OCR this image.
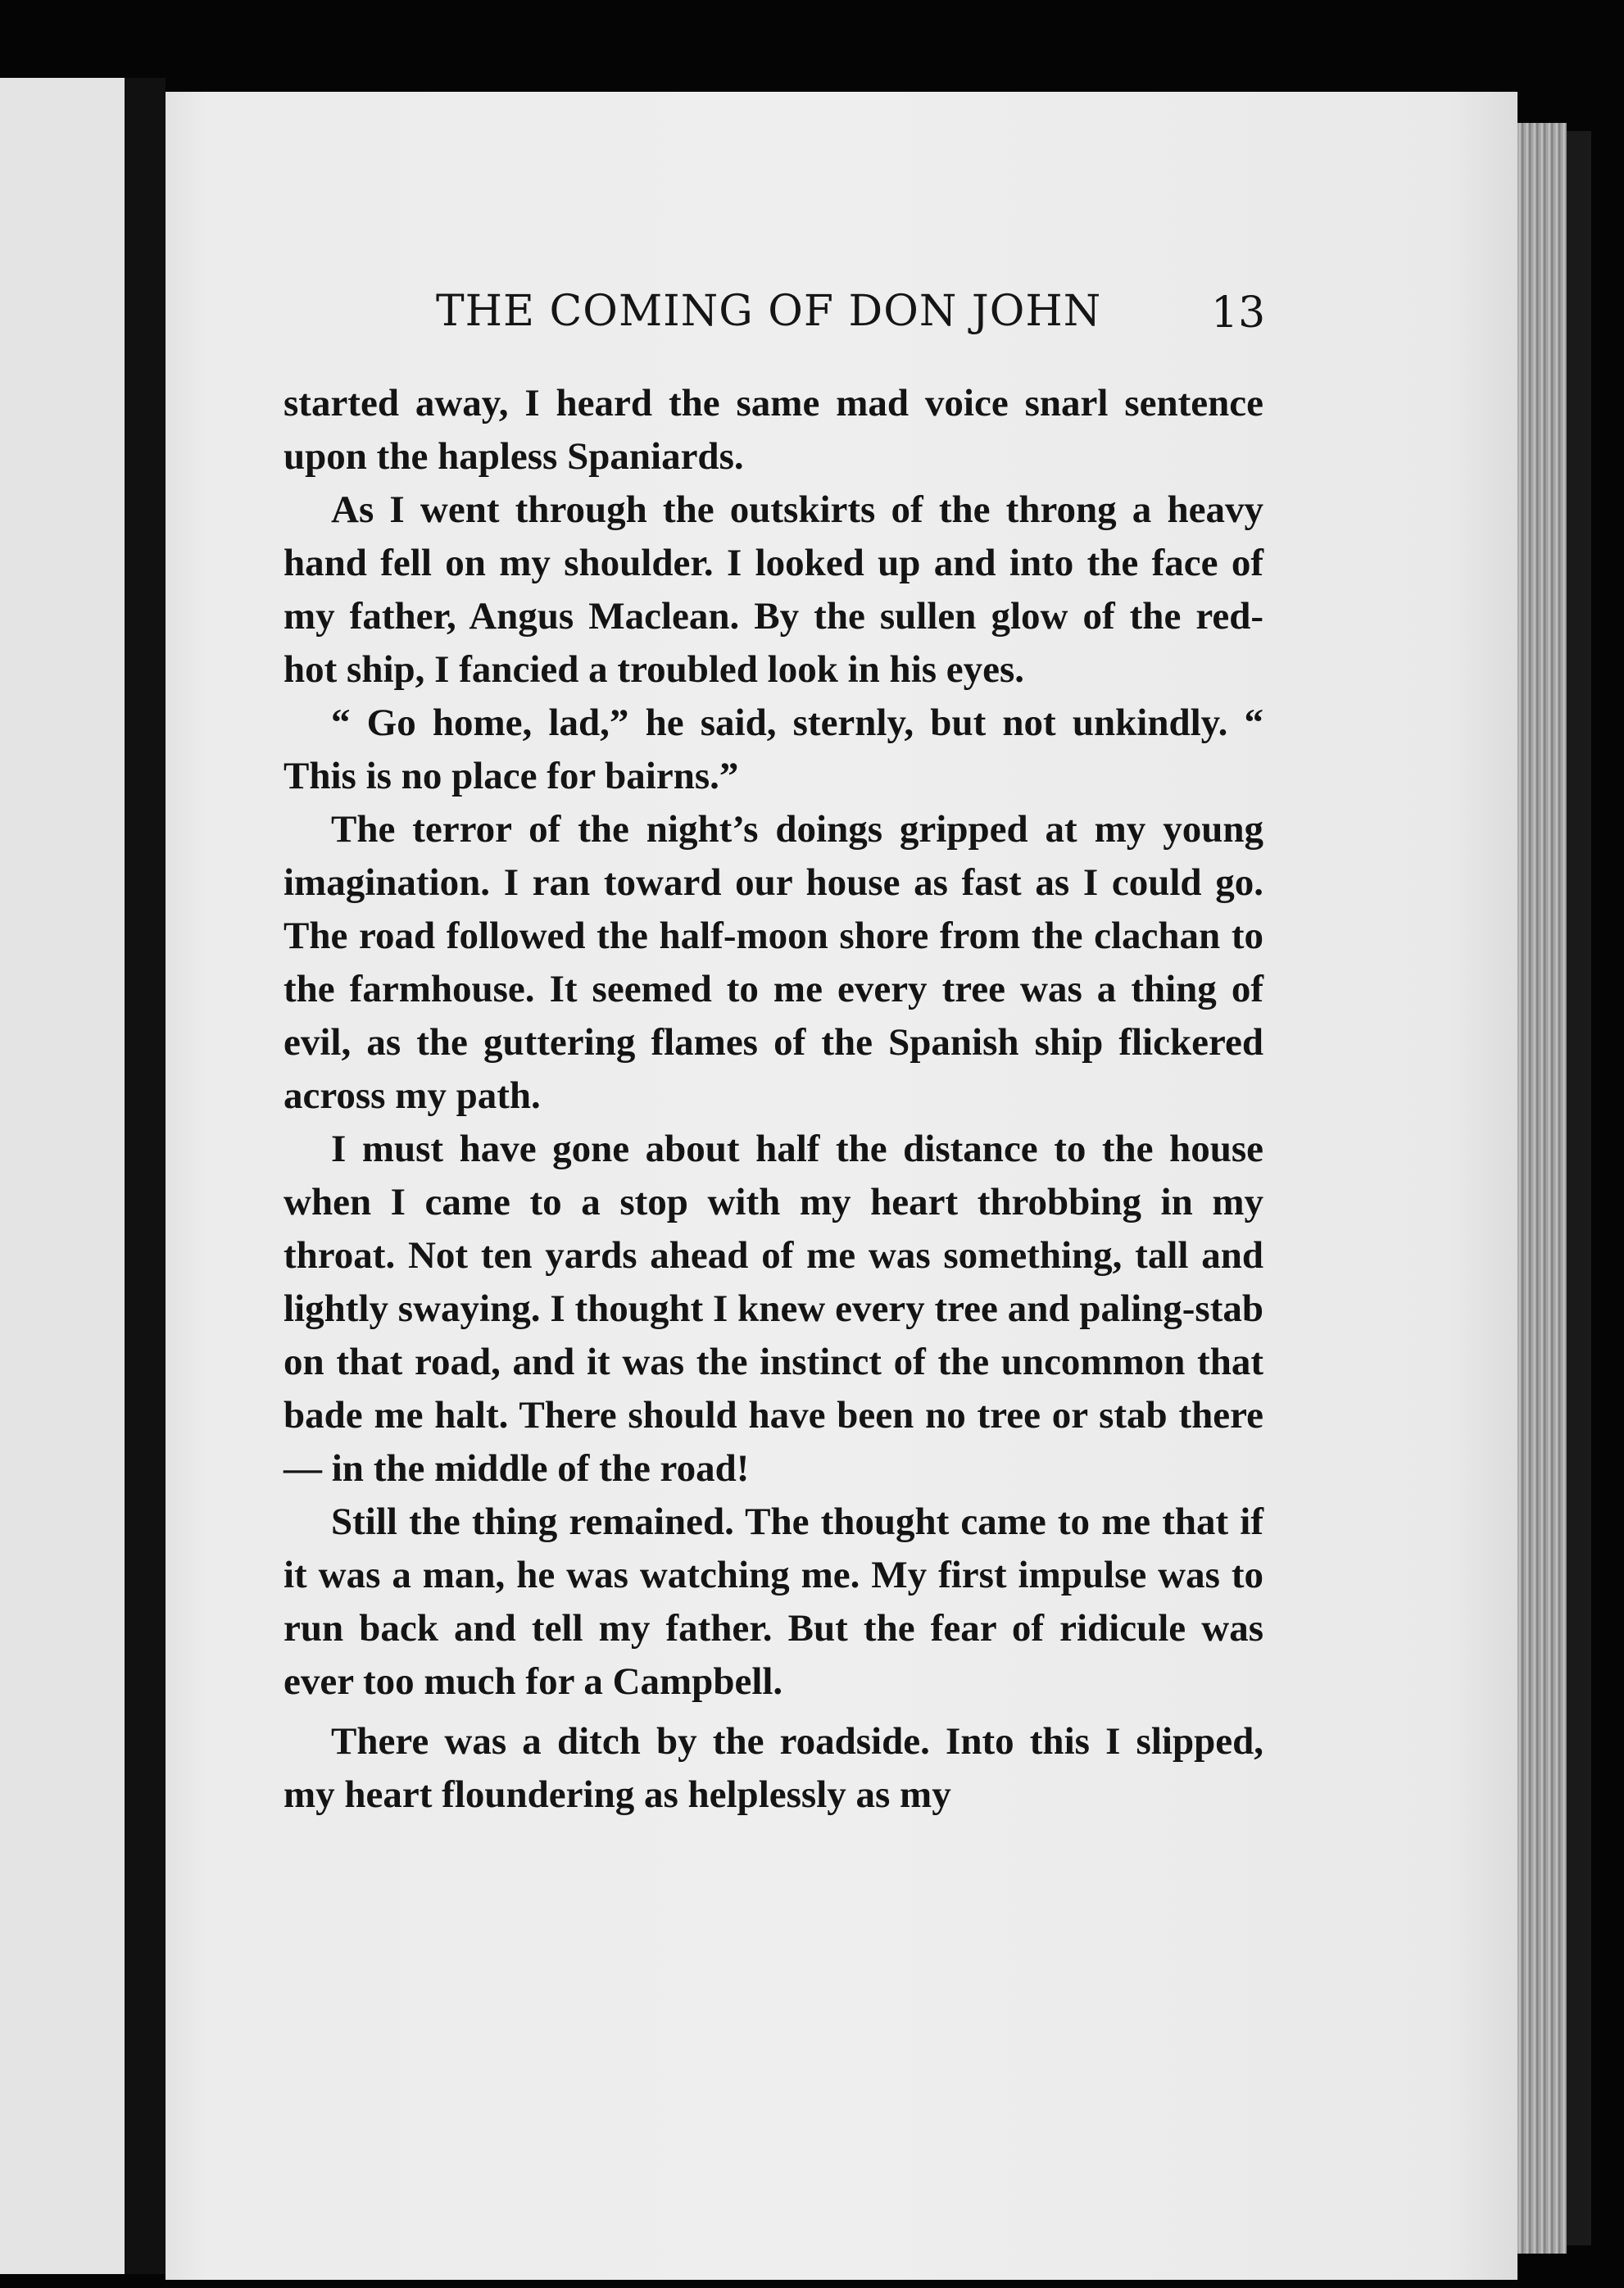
THE COMING OF DON JOHN	13

started away, I heard the same mad voice snarl sentence upon the hapless Spaniards.

As I went through the outskirts of the throng a heavy hand fell on my shoulder. I looked up and into the face of my father, Angus Maclean. By the sullen glow of the red-hot ship, I fancied a troubled look in his eyes.

“ Go home, lad,” he said, sternly, but not unkindly. “ This is no place for bairns.”

The terror of the night’s doings gripped at my young imagination. I ran toward our house as fast as I could go. The road followed the half-moon shore from the clachan to the farmhouse. It seemed to me every tree was a thing of evil, as the guttering flames of the Spanish ship flickered across my path.

I must have gone about half the distance to the house when I came to a stop with my heart throbbing in my throat. Not ten yards ahead of me was something, tall and lightly swaying. I thought I knew every tree and paling-stab on that road, and it was the instinct of the uncommon that bade me halt. There should have been no tree or stab there — in the middle of the road!

Still the thing remained. The thought came to me that if it was a man, he was watching me. My first impulse was to run back and tell my father. But the fear of ridicule was ever too much for a Campbell.

There was a ditch by the roadside. Into this I slipped, my heart floundering as helplessly as my
